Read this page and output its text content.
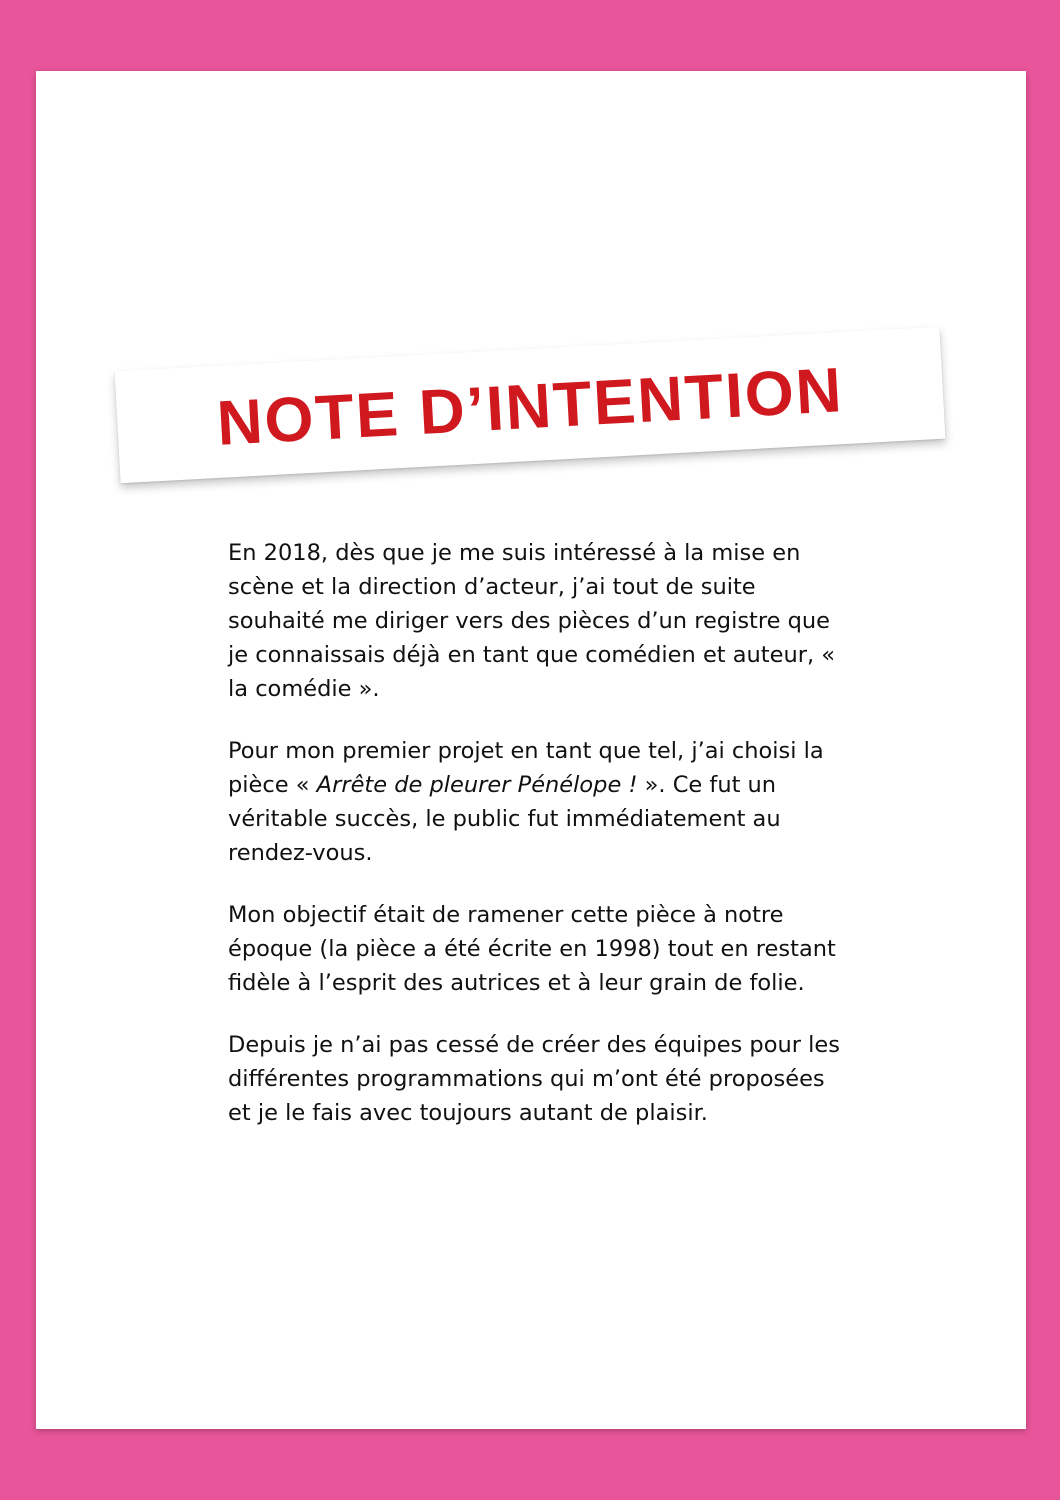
NOTE D’INTENTION

En 2018, dès que je me suis intéressé à la mise en scène et la direction d’acteur, j’ai tout de suite souhaité me diriger vers des pièces d’un registre que je connaissais déjà en tant que comédien et auteur, « la comédie ».

Pour mon premier projet en tant que tel, j’ai choisi la pièce « Arrête de pleurer Pénélope ! ». Ce fut un véritable succès, le public fut immédiatement au rendez-vous.

Mon objectif était de ramener cette pièce à notre époque (la pièce a été écrite en 1998) tout en restant fidèle à l’esprit des autrices et à leur grain de folie.

Depuis je n’ai pas cessé de créer des équipes pour les différentes programmations qui m’ont été proposées et je le fais avec toujours autant de plaisir.
